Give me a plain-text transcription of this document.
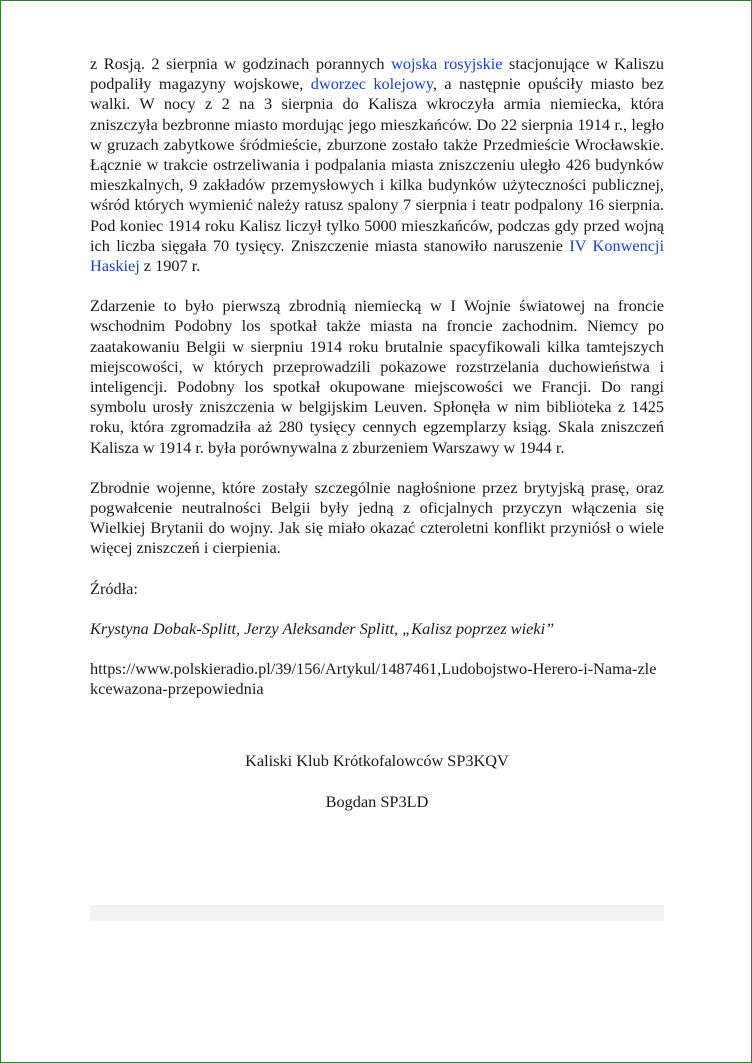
z Rosją. 2 sierpnia w godzinach porannych wojska rosyjskie stacjonujące w Kaliszu podpaliły magazyny wojskowe, dworzec kolejowy, a następnie opuściły miasto bez walki. W nocy z 2 na 3 sierpnia do Kalisza wkroczyła armia niemiecka, która zniszczyła bezbronne miasto mordując jego mieszkańców. Do 22 sierpnia 1914 r., legło w gruzach zabytkowe śródmieście, zburzone zostało także Przedmieście Wrocławskie. Łącznie w trakcie ostrzeliwania i podpalania miasta zniszczeniu uległo 426 budynków mieszkalnych, 9 zakładów przemysłowych i kilka budynków użyteczności publicznej, wśród których wymienić należy ratusz spalony 7 sierpnia i teatr podpalony 16 sierpnia. Pod koniec 1914 roku Kalisz liczył tylko 5000 mieszkańców, podczas gdy przed wojną ich liczba sięgała 70 tysięcy. Zniszczenie miasta stanowiło naruszenie IV Konwencji Haskiej z 1907 r.

Zdarzenie to było pierwszą zbrodnią niemiecką w I Wojnie światowej na froncie wschodnim Podobny los spotkał także miasta na froncie zachodnim. Niemcy po zaatakowaniu Belgii w sierpniu 1914 roku brutalnie spacyfikowali kilka tamtejszych miejscowości, w których przeprowadzili pokazowe rozstrzelania duchowieństwa i inteligencji. Podobny los spotkał okupowane miejscowości we Francji. Do rangi symbolu urosły zniszczenia w belgijskim Leuven. Spłonęła w nim biblioteka z 1425 roku, która zgromadziła aż 280 tysięcy cennych egzemplarzy ksiąg. Skala zniszczeń Kalisza w 1914 r. była porównywalna z zburzeniem Warszawy w 1944 r.

Zbrodnie wojenne, które zostały szczególnie nagłośnione przez brytyjską prasę, oraz pogwałcenie neutralności Belgii były jedną z oficjalnych przyczyn włączenia się Wielkiej Brytanii do wojny. Jak się miało okazać czteroletni konflikt przyniósł o wiele więcej zniszczeń i cierpienia.

Źródła:

Krystyna Dobak-Splitt, Jerzy Aleksander Splitt, „Kalisz poprzez wieki”

https://www.polskieradio.pl/39/156/Artykul/1487461,Ludobojstwo-Herero-i-Nama-zlekcewazona-przepowiednia

Kaliski Klub Krótkofalowców SP3KQV

Bogdan SP3LD
